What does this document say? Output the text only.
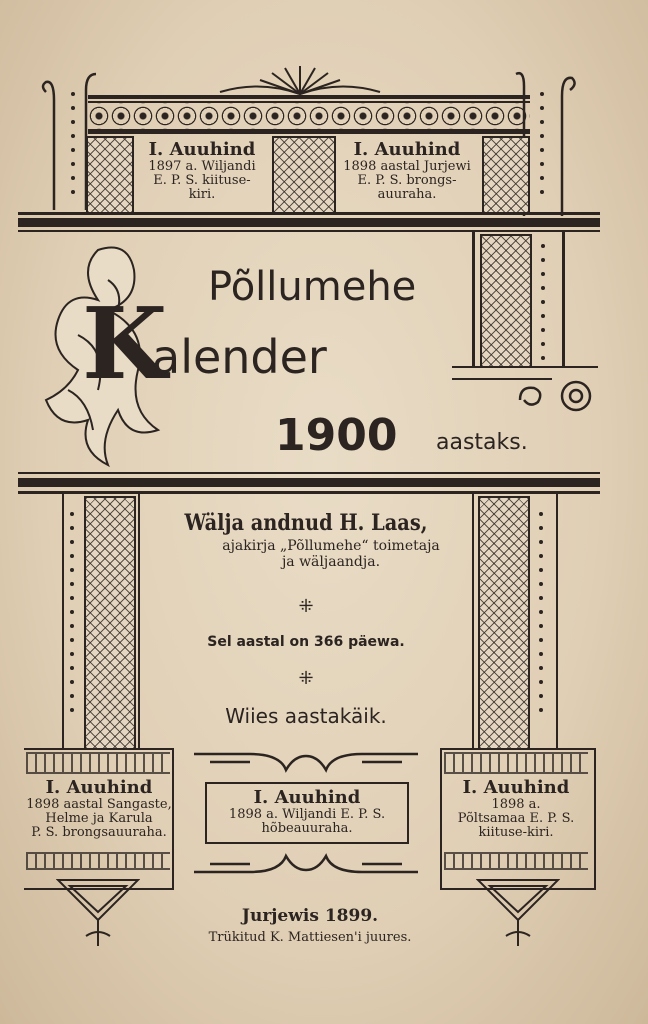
I. Auuhind
1897 a. Wiljandi
E. P. S. kiituse-
kiri.
I. Auuhind
1898 aastal Jurjewi
E. P. S. brongs-
auuraha.
Põllumehe
K
alender
1900 aastaks.
Wälja andnud H. Laas,
ajakirja „Põllumehe“ toimetaja
ja wäljaandja.
⁜
Sel aastal on 366 päewa.
⁜
Wiies aastakäik.
I. Auuhind
1898 aastal Sangaste,
Helme ja Karula
P. S. brongsauuraha.
I. Auuhind
1898 a.
Põltsamaa E. P. S.
kiituse-kiri.
I. Auuhind
1898 a. Wiljandi E. P. S.
hõbeauuraha.
Jurjewis 1899.
Trükitud K. Mattiesen'i juures.
